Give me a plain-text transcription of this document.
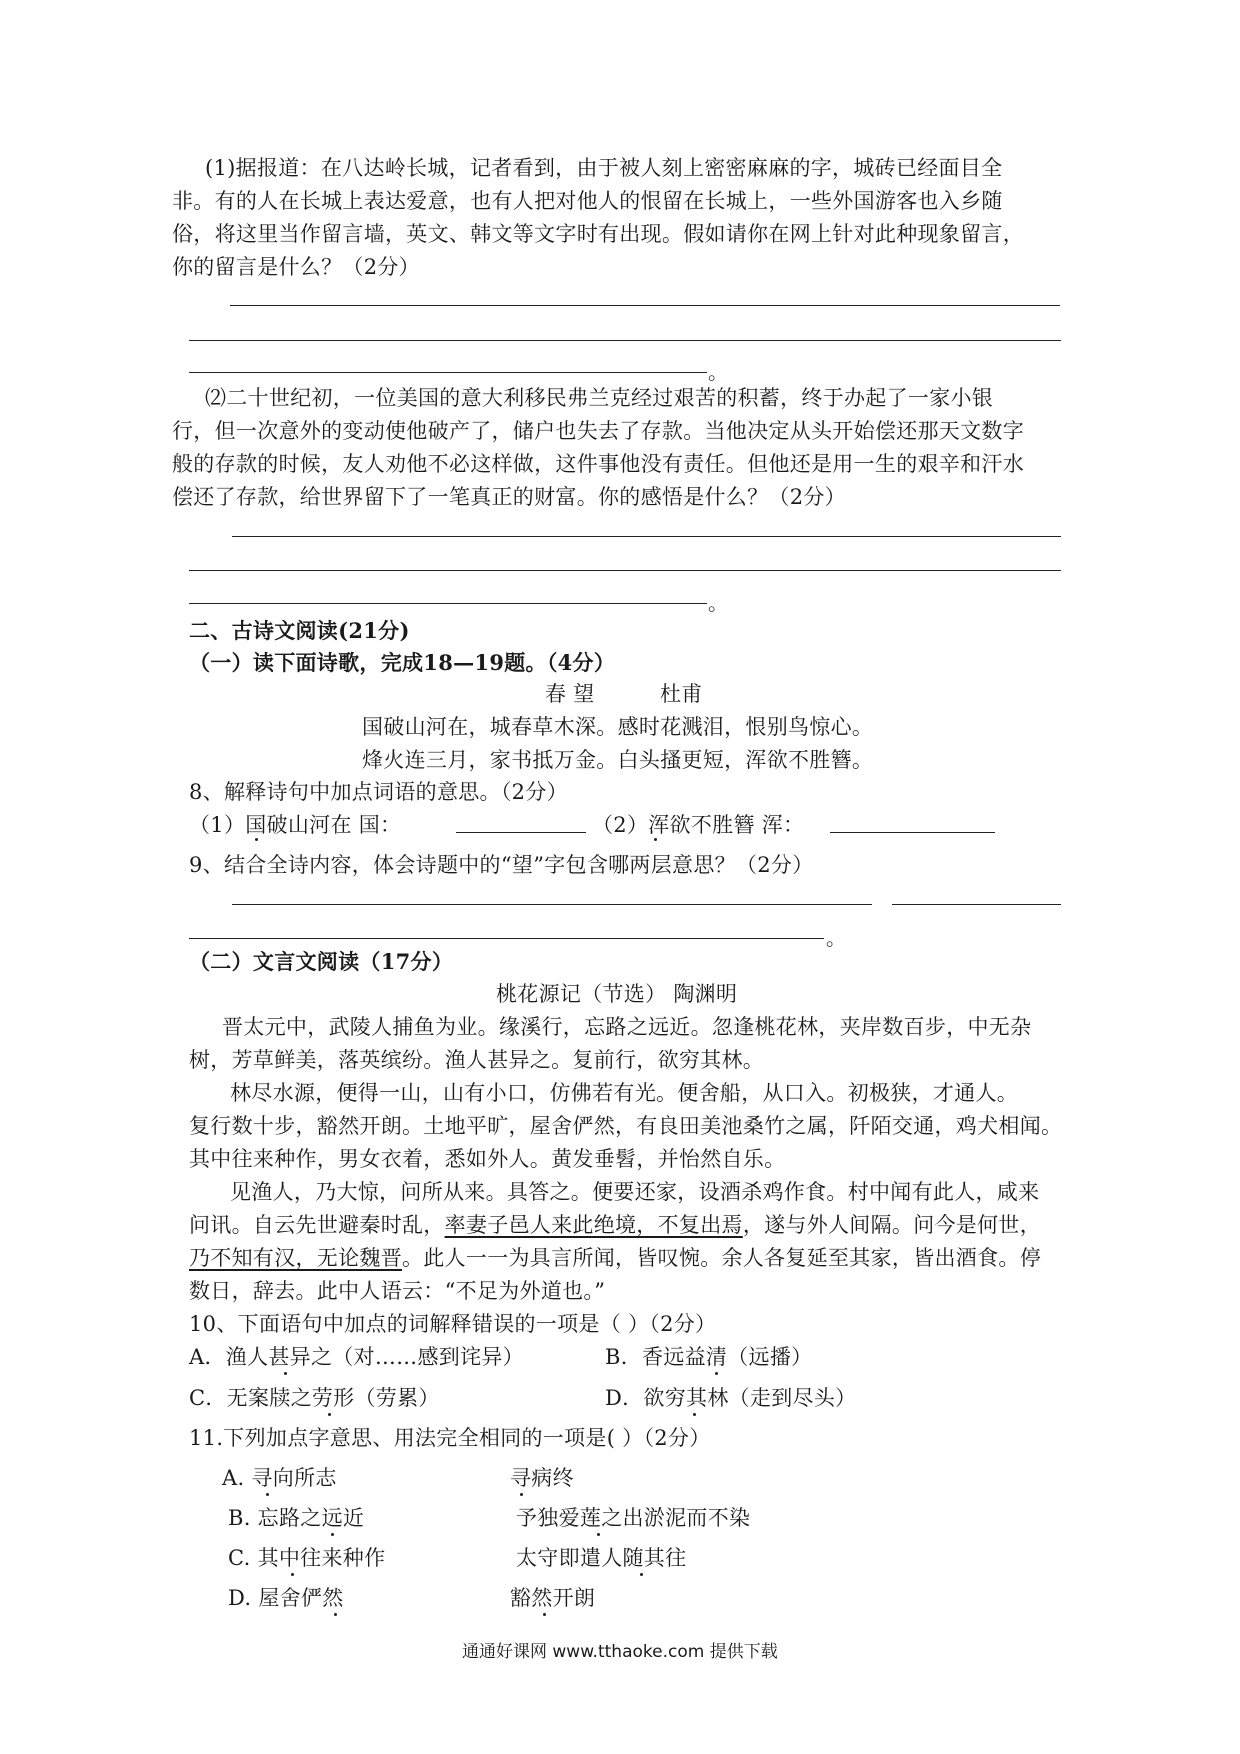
(1)据报道：在八达岭长城，记者看到，由于被人刻上密密麻麻的字，城砖已经面目全
非。有的人在长城上表达爱意，也有人把对他人的恨留在长城上，一些外国游客也入乡随
俗，将这里当作留言墙，英文、韩文等文字时有出现。假如请你在网上针对此种现象留言，
你的留言是什么？（2分）
。
⑵二十世纪初，一位美国的意大利移民弗兰克经过艰苦的积蓄，终于办起了一家小银
行，但一次意外的变动使他破产了，储户也失去了存款。当他决定从头开始偿还那天文数字
般的存款的时候，友人劝他不必这样做，这件事他没有责任。但他还是用一生的艰辛和汗水
偿还了存款，给世界留下了一笔真正的财富。你的感悟是什么？（2分）
。
二、古诗文阅读(21分)
（一）读下面诗歌，完成18—19题。（4分）
春 望	杜甫
国破山河在，城春草木深。感时花溅泪，恨别鸟惊心。
烽火连三月，家书抵万金。白头搔更短，浑欲不胜簪。
8、解释诗句中加点词语的意思。（2分）
（1）国破山河在 国：	（2）浑欲不胜簪 浑：
9、结合全诗内容，体会诗题中的“望”字包含哪两层意思？（2分）
。
（二）文言文阅读（17分）
桃花源记（节选） 陶渊明
晋太元中，武陵人捕鱼为业。缘溪行，忘路之远近。忽逢桃花林，夹岸数百步，中无杂
树，芳草鲜美，落英缤纷。渔人甚异之。复前行，欲穷其林。
林尽水源，便得一山，山有小口，仿佛若有光。便舍船，从口入。初极狭，才通人。
复行数十步，豁然开朗。土地平旷，屋舍俨然，有良田美池桑竹之属，阡陌交通，鸡犬相闻。
其中往来种作，男女衣着，悉如外人。黄发垂髫，并怡然自乐。
见渔人，乃大惊，问所从来。具答之。便要还家，设酒杀鸡作食。村中闻有此人，咸来
问讯。自云先世避秦时乱，率妻子邑人来此绝境，不复出焉，遂与外人间隔。问今是何世，
乃不知有汉，无论魏晋。此人一一为具言所闻，皆叹惋。余人各复延至其家，皆出酒食。停
数日，辞去。此中人语云：“不足为外道也。”
10、下面语句中加点的词解释错误的一项是（ ）（2分）
A．渔人甚异之（对……感到诧异）	B．香远益清（远播）
C．无案牍之劳形（劳累）	D．欲穷其林（走到尽头）
11.下列加点字意思、用法完全相同的一项是( ）（2分）
A. 寻向所志	寻病终
B. 忘路之远近	予独爱莲之出淤泥而不染
C. 其中往来种作	太守即遣人随其往
D. 屋舍俨然	豁然开朗
通通好课网 www.tthaoke.com 提供下载
